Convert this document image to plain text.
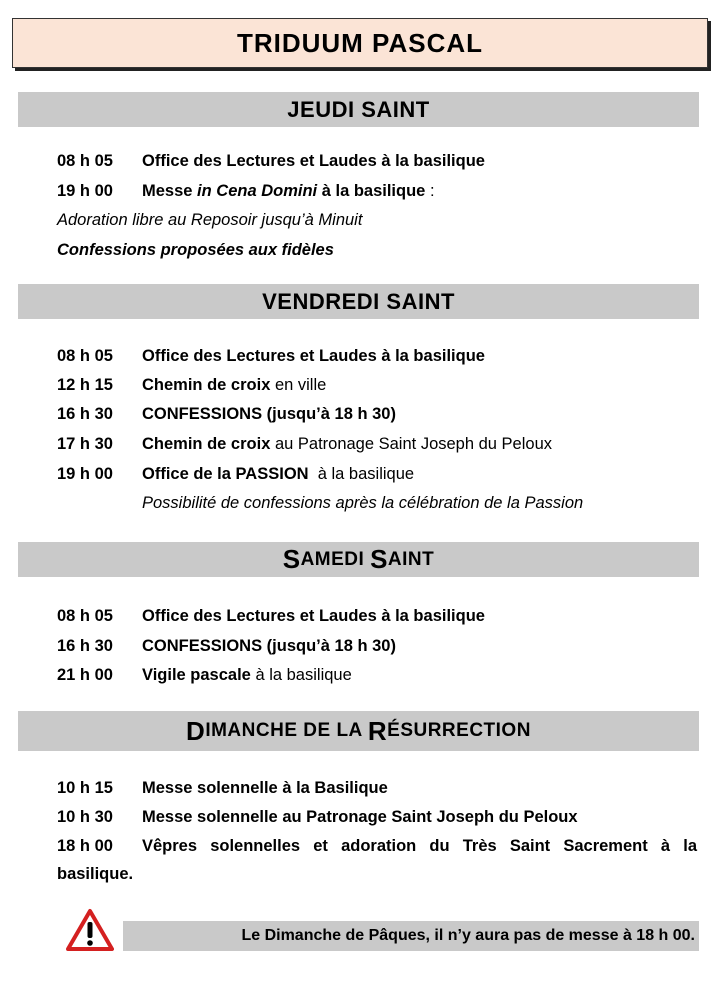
TRIDUUM PASCAL
JEUDI SAINT
08 h 05 Office des Lectures et Laudes à la basilique
19 h 00 Messe in Cena Domini à la basilique :
Adoration libre au Reposoir jusqu’à Minuit
Confessions proposées aux fidèles
VENDREDI SAINT
08 h 05 Office des Lectures et Laudes à la basilique
12 h 15 Chemin de croix en ville
16 h 30 CONFESSIONS (jusqu’à 18 h 30)
17 h 30 Chemin de croix au Patronage Saint Joseph du Peloux
19 h 00 Office de la PASSION  à la basilique
Possibilité de confessions après la célébration de la Passion
S AMEDI S AINT
08 h 05 Office des Lectures et Laudes à la basilique
16 h 30 CONFESSIONS (jusqu’à 18 h 30)
21 h 00 Vigile pascale à la basilique
D IMANCHE DE LA R ÉSURRECTION
10 h 15 Messe solennelle à la Basilique
10 h 30 Messe solennelle au Patronage Saint Joseph du Peloux
18 h 00 Vêpres solennelles et adoration du Très Saint Sacrement à la basilique.
Le Dimanche de Pâques, il n’y aura pas de messe à 18 h 00.
